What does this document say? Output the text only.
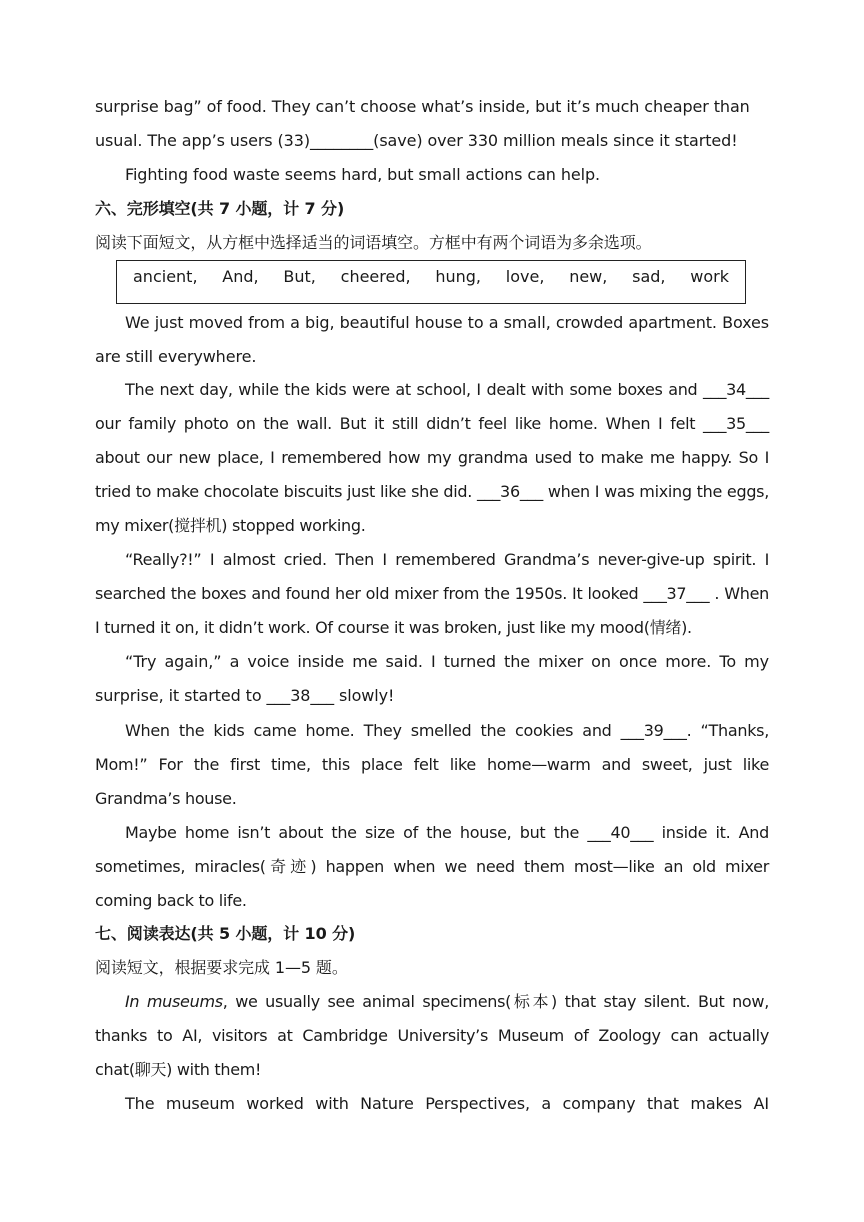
surprise bag” of food. They can’t choose what’s inside, but it’s much cheaper than

usual. The app’s users (33)________(save) over 330 million meals since it started!

Fighting food waste seems hard, but small actions can help.

六、完形填空(共 7 小题，计 7 分)

阅读下面短文，从方框中选择适当的词语填空。方框中有两个词语为多余选项。

ancient, And, But, cheered, hung, love, new, sad, work

We just moved from a big, beautiful house to a small, crowded apartment. Boxes are still everywhere.

The next day, while the kids were at school, I dealt with some boxes and ___34___ our family photo on the wall. But it still didn’t feel like home. When I felt ___35___ about our new place, I remembered how my grandma used to make me happy. So I tried to make chocolate biscuits just like she did. ___36___ when I was mixing the eggs, my mixer(搅拌机) stopped working.

“Really?!” I almost cried. Then I remembered Grandma’s never-give-up spirit. I searched the boxes and found her old mixer from the 1950s. It looked ___37___ . When I turned it on, it didn’t work. Of course it was broken, just like my mood(情绪).

“Try again,” a voice inside me said. I turned the mixer on once more. To my surprise, it started to ___38___ slowly!

When the kids came home. They smelled the cookies and ___39___. “Thanks, Mom!” For the first time, this place felt like home—warm and sweet, just like Grandma’s house.

Maybe home isn’t about the size of the house, but the ___40___ inside it. And sometimes, miracles(奇迹) happen when we need them most—like an old mixer coming back to life.

七、阅读表达(共 5 小题，计 10 分)

阅读短文，根据要求完成 1—5 题。

In museums, we usually see animal specimens(标本) that stay silent. But now, thanks to AI, visitors at Cambridge University’s Museum of Zoology can actually chat(聊天) with them!

The museum worked with Nature Perspectives, a company that makes AI
